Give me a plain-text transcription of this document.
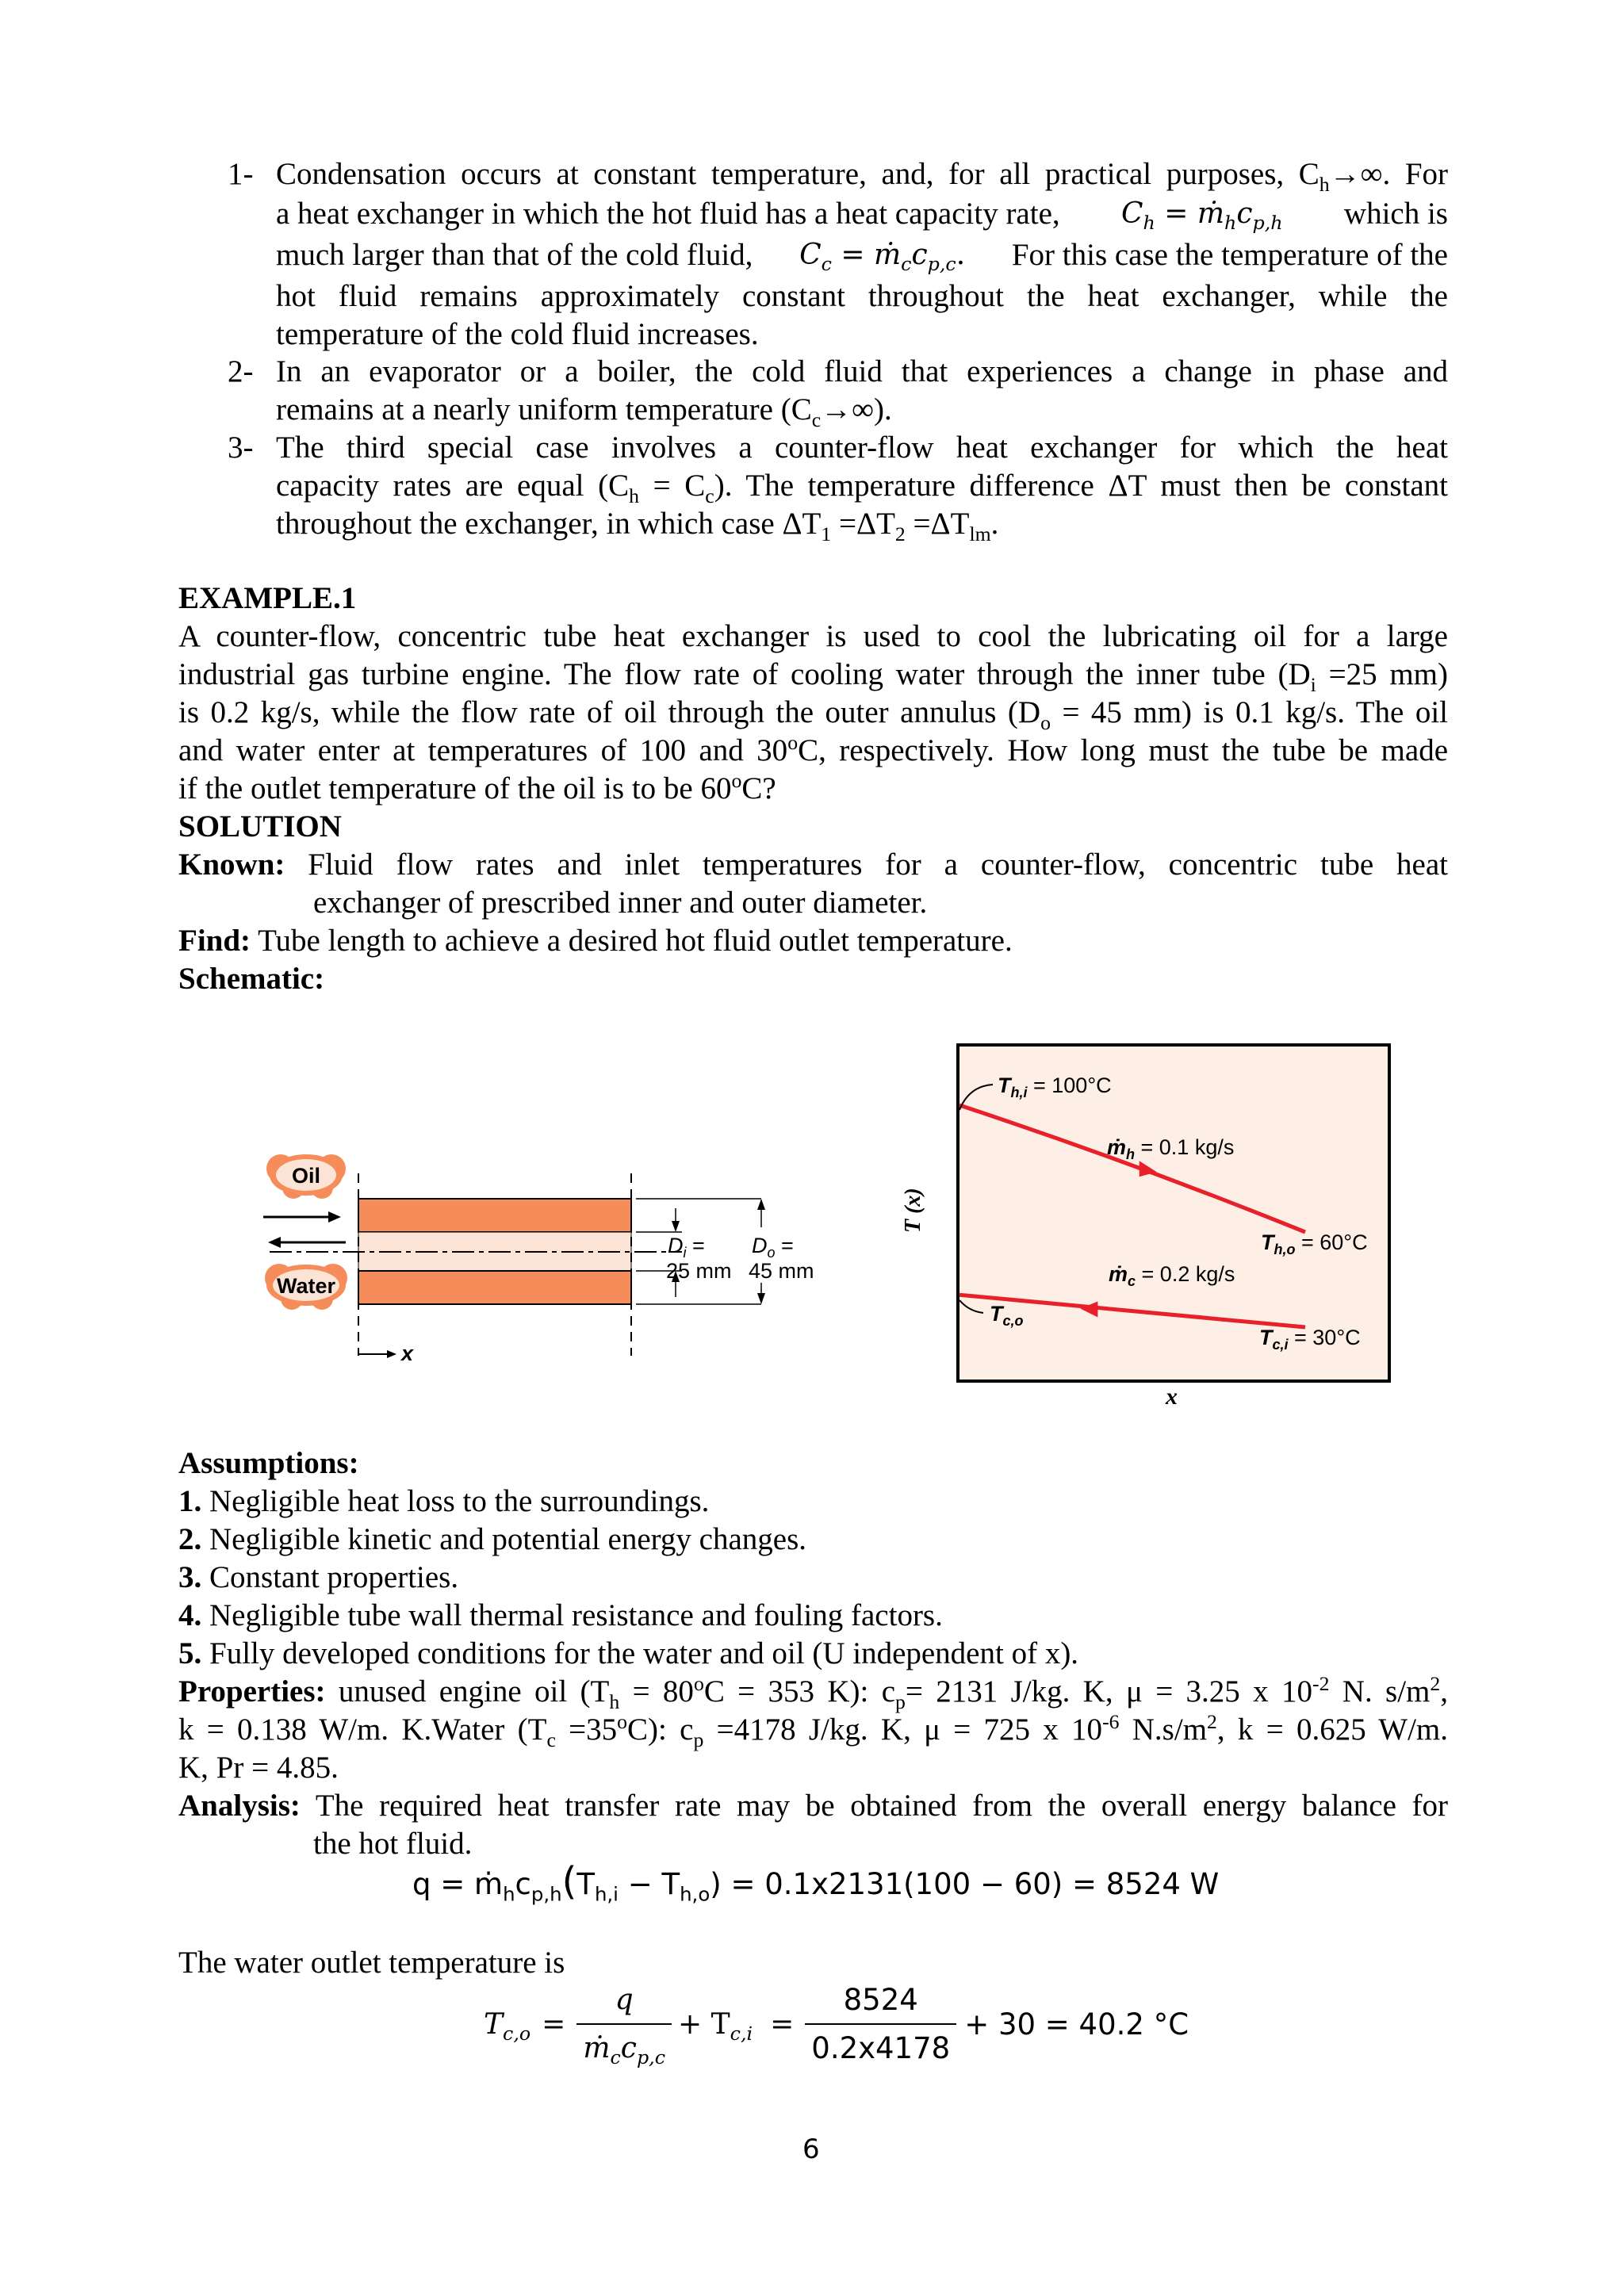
1- Condensation occurs at constant temperature, and, for all practical purposes, $C_h\to\infty$. For
a heat exchanger in which the hot fluid has a heat capacity rate, $C_h$ = $ṁ_hc_{p,h}$ which is
much larger than that of the cold fluid, $C_c$ = $ṁ_cc_{p,c}$. For this case the temperature of the
hot fluid remains approximately constant throughout the heat exchanger, while the
temperature of the cold fluid increases.
2- In an evaporator or a boiler, the cold fluid that experiences a change in phase and
remains at a nearly uniform temperature $(C_c\to\infty)$.
3- The third special case involves a counter-flow heat exchanger for which the heat
capacity rates are equal $(C_h = C_c)$. The temperature difference ΔT must then be constant
throughout the exchanger, in which case $\Delta T_1 =\Delta T_2 =\Delta T_{lm}$.
EXAMPLE.1
A counter-flow, concentric tube heat exchanger is used to cool the lubricating oil for a large
industrial gas turbine engine. The flow rate of cooling water through the inner tube ($D_i =25$ mm)
is 0.2 kg/s, while the flow rate of oil through the outer annulus ($D_o = 45$ mm) is 0.1 kg/s. The oil
and water enter at temperatures of 100 and 30$^o$C, respectively. How long must the tube be made
if the outlet temperature of the oil is to be 60$^o$C?
SOLUTION
Known: Fluid flow rates and inlet temperatures for a counter-flow, concentric tube heat
exchanger of prescribed inner and outer diameter.
Find: Tube length to achieve a desired hot fluid outlet temperature.
Schematic:
Oil
Water
x
$D_i$ =
25 mm
$D_o$ =
45 mm
T (x)
$T_{h,i} = 100^\circ C$
ṁ$_h$ = 0.1 kg/s
$T_{h,o} = 60^\circ C$
ṁ$_c$ = 0.2 kg/s
$T_{c,o}$
$T_{c,i} = 30^\circ C$
x
Assumptions:
1. Negligible heat loss to the surroundings.
2. Negligible kinetic and potential energy changes.
3. Constant properties.
4. Negligible tube wall thermal resistance and fouling factors.
5. Fully developed conditions for the water and oil (U independent of x).
Properties: unused engine oil ($T_h = 80^oC = 353$ K): $c_p= 2131$ J/kg. K, μ = 3.25 x $10^{-2}$ N. $s/m^2$,
k = 0.138 W/m. K.Water $(T_c =35^oC)$: $c_p =4178$ J/kg. K, μ = 725 x $10^{-6}$ $N.s/m^2$, k = 0.625 W/m.
K, Pr = 4.85.
Analysis: The required heat transfer rate may be obtained from the overall energy balance for
the hot fluid.
$q = ṁ_hc_{p,h}(T_{h,i} - T_{h,o}) = 0.1x2131(100 - 60) = 8524$ W
The water outlet temperature is
$T_{c,o} = \frac{q}{ṁ_cc_{p,c}} + T_{c,i} = \frac{8524}{0.2x4178} + 30 = 40.2$ °C
6
